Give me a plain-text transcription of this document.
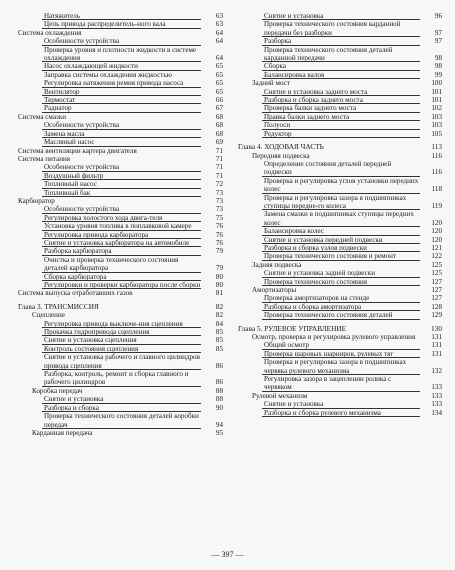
Натяжитель	63
Цепь привода распределитель-ного вала	63
Система охлаждения	64
Особенности устройства	64
Проверка уровня и плотности жидкости в системе охлаждения	64
Насос охлаждающей жидкости	65
Заправка системы охлаждения жидкостью	65
Регулировка натяжения ремня привода насоса	65
Вентилятор	65
Термостат	66
Радиатор	67
Система смазки	68
Особенности устройства	68
Замена масла	68
Масляный насос	69
Система вентиляции картера двигателя	71
Система питания	71
Особенности устройства	71
Воздушный фильтр	71
Топливный насос	72
Топливный бак	73
Карбюратор	73
Особенности устройства	73
Регулировка холостого хода двига-теля	75
Установка уровня топлива в поплавковой камере	76
Регулировка привода карбюратора	76
Снятие и установка карбюратора на автомобиле	76
Разборка карбюратора	79
Очистка и проверка технического состояния деталей карбюратора	79
Сборка карбюратора	80
Регулировки и проверки карбюратора после сборки 80
Система выпуска отработавших газов	81
Глава 3. ТРАНСМИССИЯ	82
Сцепление	82
Регулировка привода выключе-ния сцепления	84
Прокачка гидропривода сцепления	85
Снятие и установка сцепления	85
Контроль состояния сцепления	85
Снятие и установка рабочего и главного цилиндров привода сцепления	86
Разборка, контроль, ремонт и сборка главного и рабочего цилиндров	86
Коробка передач	88
Снятие и установка	88
Разборка и сборка	90
Проверка технического состояния деталей коробки передач	94
Карданная передача	95
Снятие и установка	96
Проверка технического состояния карданной передачи без разборки	97
Разборка	97
Проверка технического состояния деталей карданной передачи	98
Сборка	98
Балансировка валов	99
Задний мост	100
Снятие и установка заднего моста	101
Разборка и сборка заднего моста	101
Проверка балки заднего моста	102
Правка балки заднего моста	103
Полуоси	103
Редуктор	105
Глава 4. ХОДОВАЯ ЧАСТЬ	113
Передняя подвеска	116
Определение состояния деталей передней подвески	116
Проверка и регулировка углов установки передних колес	118
Проверка и регулировка зазора в подшипниках ступицы передне-го колеса	119
Замена смазки в подшипниках ступицы передних колес	120
Балансировка колес	120
Снятие и установка передней подвески	120
Разборка и сборка узлов подвески	121
Проверка технического состояния и ремонт	122
Задняя подвеска	125
Снятие и установка задней подвески	125
Проверка технического состояния	127
Амортизаторы	127
Проверка амортизаторов на стенде	127
Разборка и сборка амортизатора	128
Проверка технического состояния деталей	129
Глава 5. РУЛЕВОЕ УПРАВЛЕНИЕ	130
Осмотр, проверка и регулировка рулевого управления	131
Общий осмотр	131
Проверка шаровых шарниров, рулевых тяг	131
Проверка и регулировка зазора в подшипниках червяка рулевого механизма	132
Регулировка зазора в зацеплении ролика с червяком	133
Рулевой механизм	133
Снятие и установка	133
Разборка и сборка рулевого механизма	134
— 397 —
